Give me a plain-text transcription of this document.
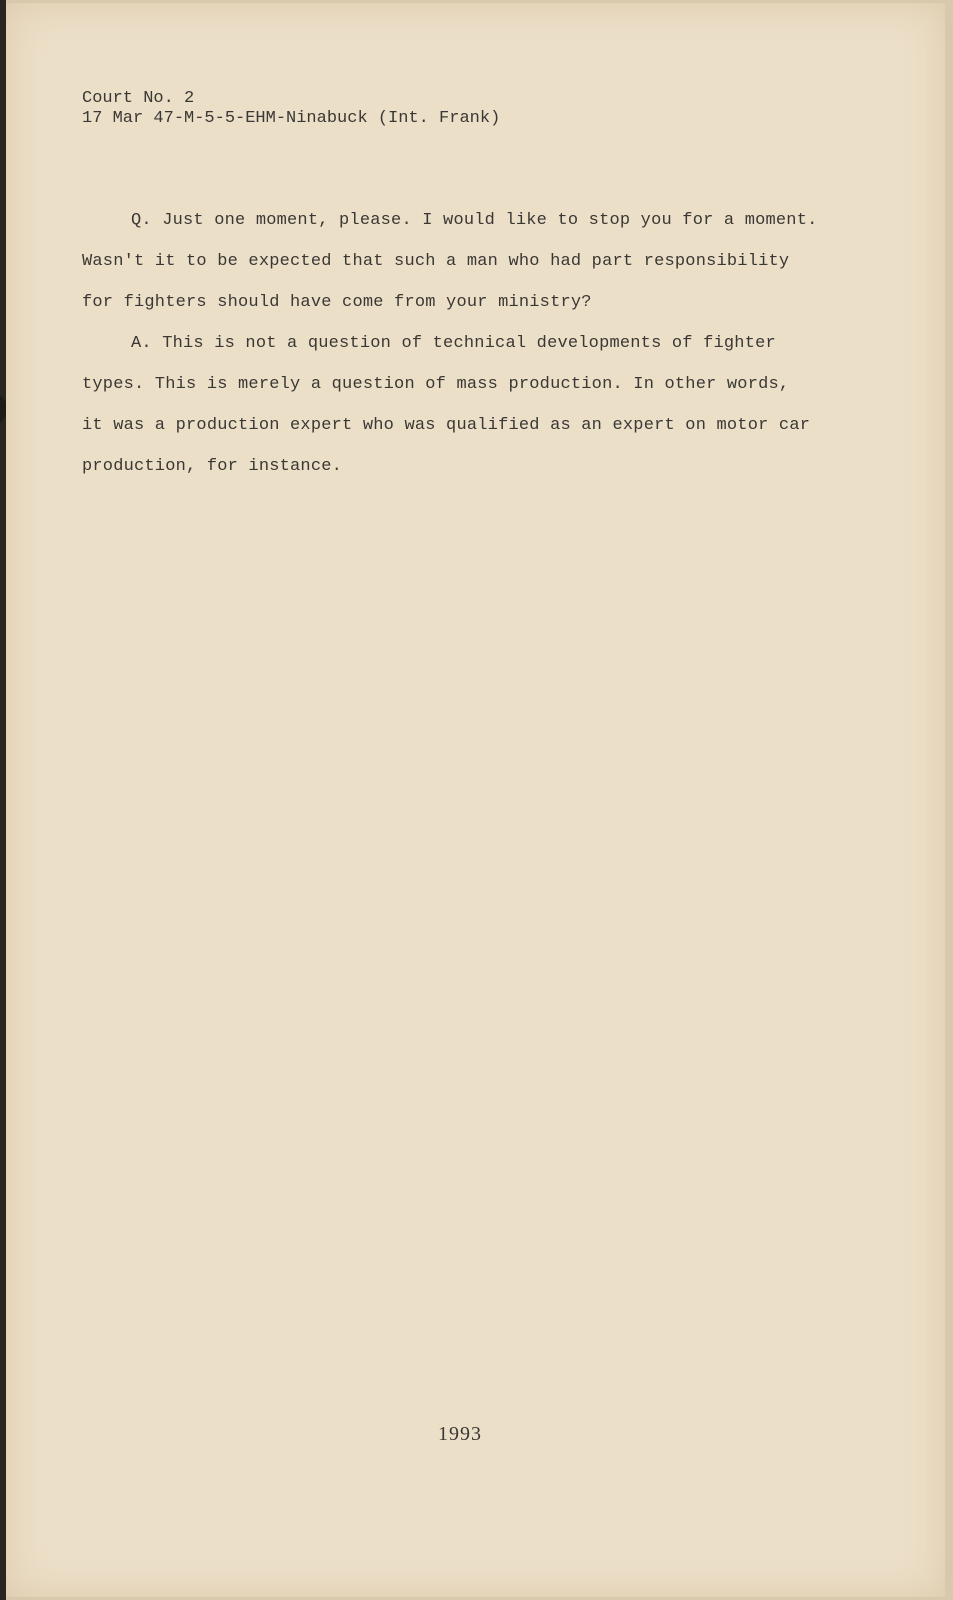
Court No. 2
17 Mar 47-M-5-5-EHM-Ninabuck (Int. Frank)
Q. Just one moment, please. I would like to stop you for a moment.
Wasn't it to be expected that such a man who had part responsibility
for fighters should have come from your ministry?
A. This is not a question of technical developments of fighter
types. This is merely a question of mass production. In other words,
it was a production expert who was qualified as an expert on motor car
production, for instance.
1993
